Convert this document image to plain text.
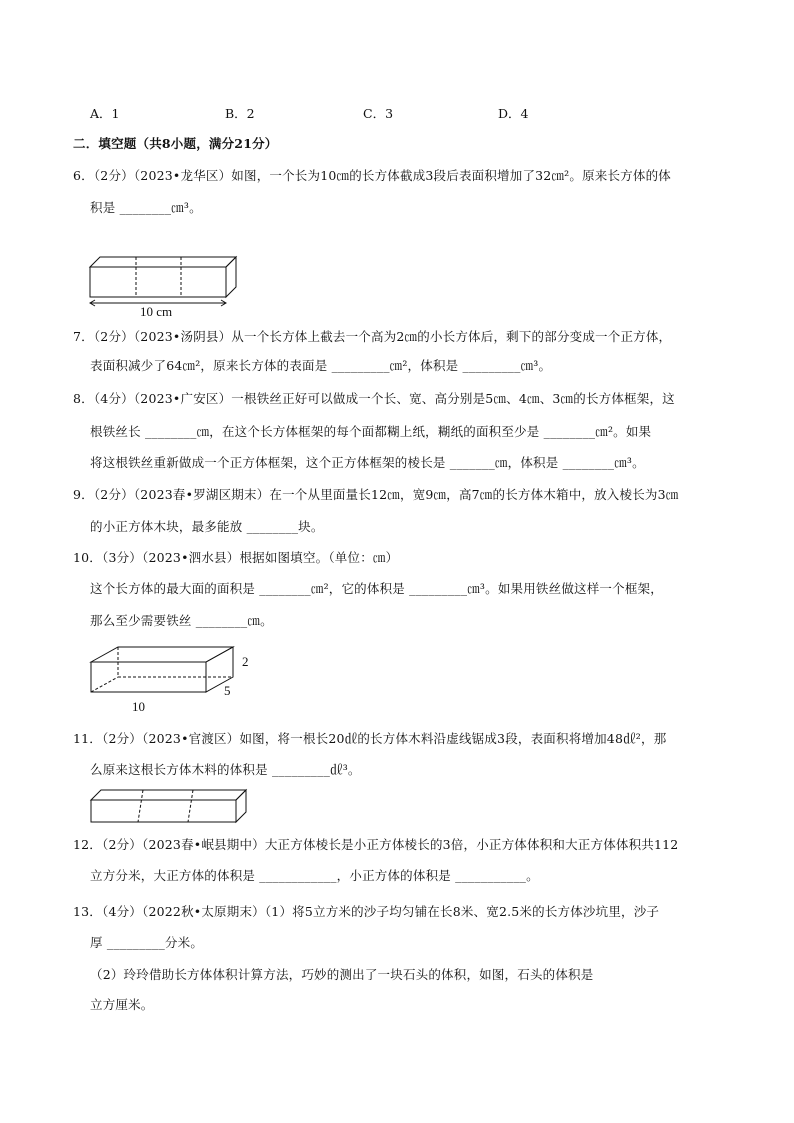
A．1	B．2	C．3	D．4
二．填空题（共8小题，满分21分）
6．（2分）（2023•龙华区）如图，一个长为10㎝的长方体截成3段后表面积增加了32㎝²。原来长方体的体
积是 ________㎝³。
10 cm
7．（2分）（2023•汤阴县）从一个长方体上截去一个高为2㎝的小长方体后，剩下的部分变成一个正方体，
表面积减少了64㎝²，原来长方体的表面是 _________㎝²，体积是 _________㎝³。
8．（4分）（2023•广安区）一根铁丝正好可以做成一个长、宽、高分别是5㎝、4㎝、3㎝的长方体框架，这
根铁丝长 ________㎝，在这个长方体框架的每个面都糊上纸，糊纸的面积至少是 ________㎝²。如果
将这根铁丝重新做成一个正方体框架，这个正方体框架的棱长是 _______㎝，体积是 ________㎝³。
9．（2分）（2023春•罗湖区期末）在一个从里面量长12㎝，宽9㎝，高7㎝的长方体木箱中，放入棱长为3㎝
的小正方体木块，最多能放 ________块。
10．（3分）（2023•泗水县）根据如图填空。（单位：㎝）
这个长方体的最大面的面积是 ________㎝²，它的体积是 _________㎝³。如果用铁丝做这样一个框架，
那么至少需要铁丝 ________㎝。
2
5
10
11．（2分）（2023•官渡区）如图，将一根长20㎗的长方体木料沿虚线锯成3段，表面积将增加48㎗²，那
么原来这根长方体木料的体积是 _________㎗³。
12．（2分）（2023春•岷县期中）大正方体棱长是小正方体棱长的3倍，小正方体体积和大正方体体积共112
立方分米，大正方体的体积是 ____________，小正方体的体积是 ___________。
13．（4分）（2022秋•太原期末）（1）将5立方米的沙子均匀铺在长8米、宽2.5米的长方体沙坑里，沙子
厚 _________分米。
（2）玲玲借助长方体体积计算方法，巧妙的测出了一块石头的体积，如图，石头的体积是
立方厘米。
